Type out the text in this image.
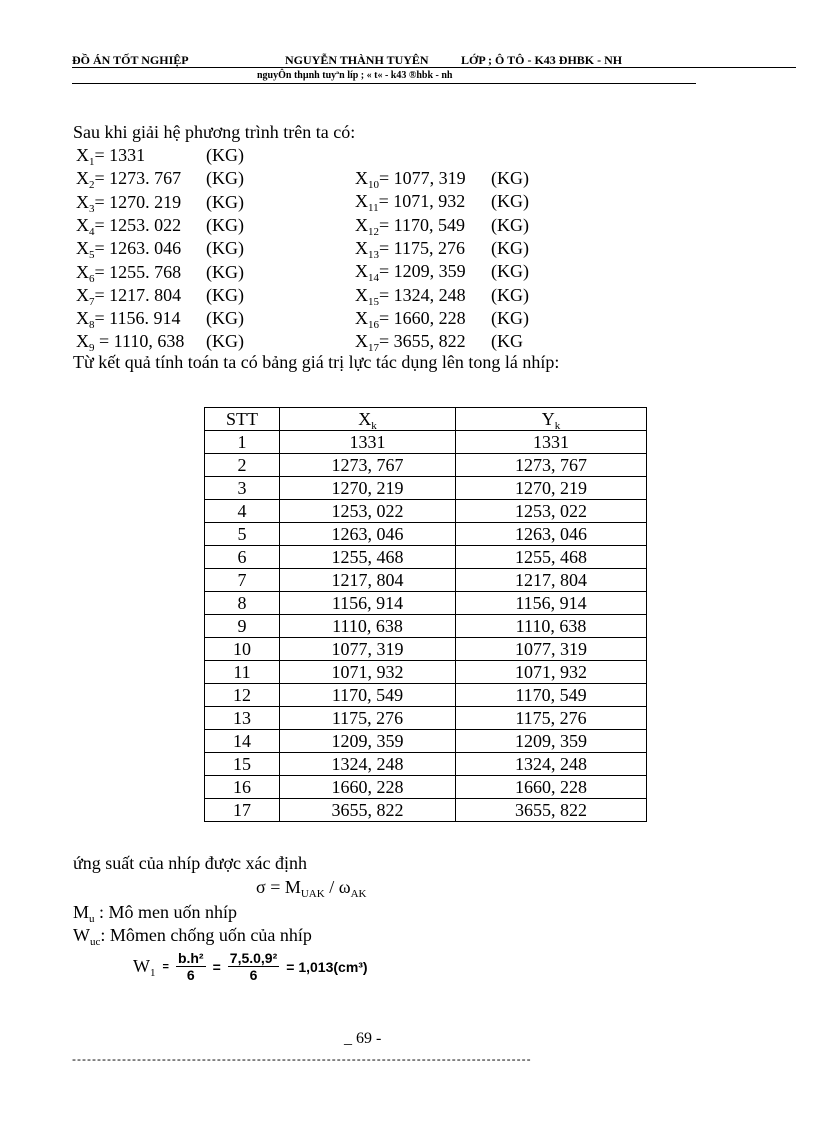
ĐỒ ÁN TỐT NGHIỆP	NGUYỄN THÀNH TUYÊN	LỚP ; Ô TÔ - K43 ĐHBK - NH
nguyÔn thµnh tuyªn líp ; « t« - k43 ®hbk - nh
Sau khi giải hệ phương trình trên ta có:
$X_1= 1331$	(KG)
$X_2= 1273$. 767 (KG)
$X_3= 1270$. 219 (KG)
$X_4= 1253$. 022 (KG)
$X_5= 1263$. 046 (KG)
$X_6= 1255$. 768 (KG)
$X_7= 1217$. 804 (KG)
$X_8= 1156$. 914 (KG)
$X_9 = 1110$, 638 (KG)
$X_{10}= 1077$, 319 (KG)
$X_{11}= 1071$, 932 (KG)
$X_{12}= 1170$, 549 (KG)
$X_{13}= 1175$, 276 (KG)
$X_{14}= 1209$, 359 (KG)
$X_{15}= 1324$, 248 (KG)
$X_{16}= 1660$, 228 (KG)
$X_{17}= 3655$, 822 (KG
Từ kết quả tính toán ta có bảng giá trị lực tác dụng lên tong lá nhíp:
STT	$X_k$	$Y_k$
1	1331	1331
2	1273, 767	1273, 767
3	1270, 219	1270, 219
4	1253, 022	1253, 022
5	1263, 046	1263, 046
6	1255, 468	1255, 468
7	1217, 804	1217, 804
8	1156, 914	1156, 914
9	1110, 638	1110, 638
10	1077, 319	1077, 319
11	1071, 932	1071, 932
12	1170, 549	1170, 549
13	1175, 276	1175, 276
14	1209, 359	1209, 359
15	1324, 248	1324, 248
16	1660, 228	1660, 228
17	3655, 822	3655, 822
ứng suất của nhíp được xác định
$\sigma = M_{UAK} / \omega_{AK}$
$M_u$ : Mô men uốn nhíp
$W_{uc}$: Mômen chống uốn của nhíp
$W_1 = \frac{\text{b.h²}}{6} = \frac{\text{7,5.0,9²}}{6} = 1,013(cm^3)$
_ 69 -
--------------------------------------------------------------------------------------------
